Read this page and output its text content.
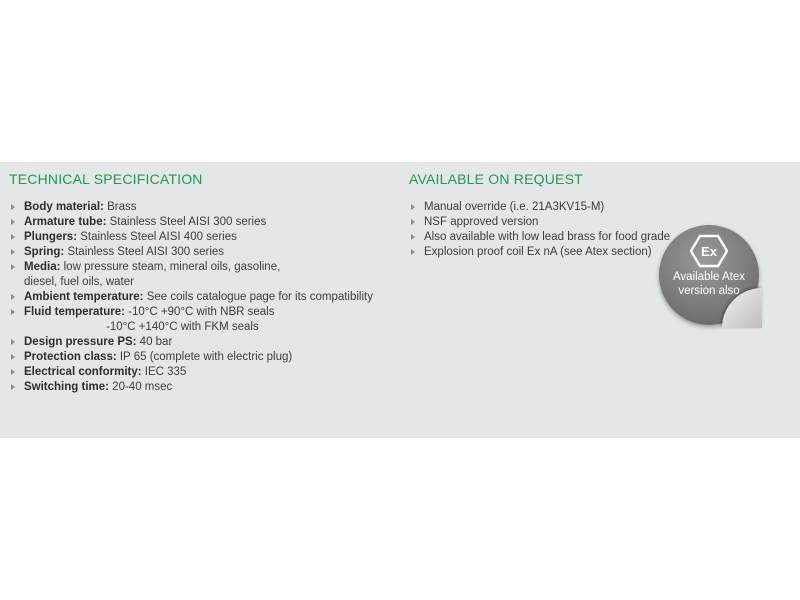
TECHNICAL SPECIFICATION
Body material: Brass
Armature tube: Stainless Steel AISI 300 series
Plungers: Stainless Steel AISI 400 series
Spring: Stainless Steel AISI 300 series
Media: low pressure steam, mineral oils, gasoline,
diesel, fuel oils, water
Ambient temperature: See coils catalogue page for its compatibility
Fluid temperature: -10°C +90°C with NBR seals
-10°C +140°C with FKM seals
Design pressure PS: 40 bar
Protection class: IP 65 (complete with electric plug)
Electrical conformity: IEC 335
Switching time: 20-40 msec
AVAILABLE ON REQUEST
Manual override (i.e. 21A3KV15-M)
NSF approved version
Also available with low lead brass for food grade
Explosion proof coil Ex nA (see Atex section)	Ex
Available Atex
version also
